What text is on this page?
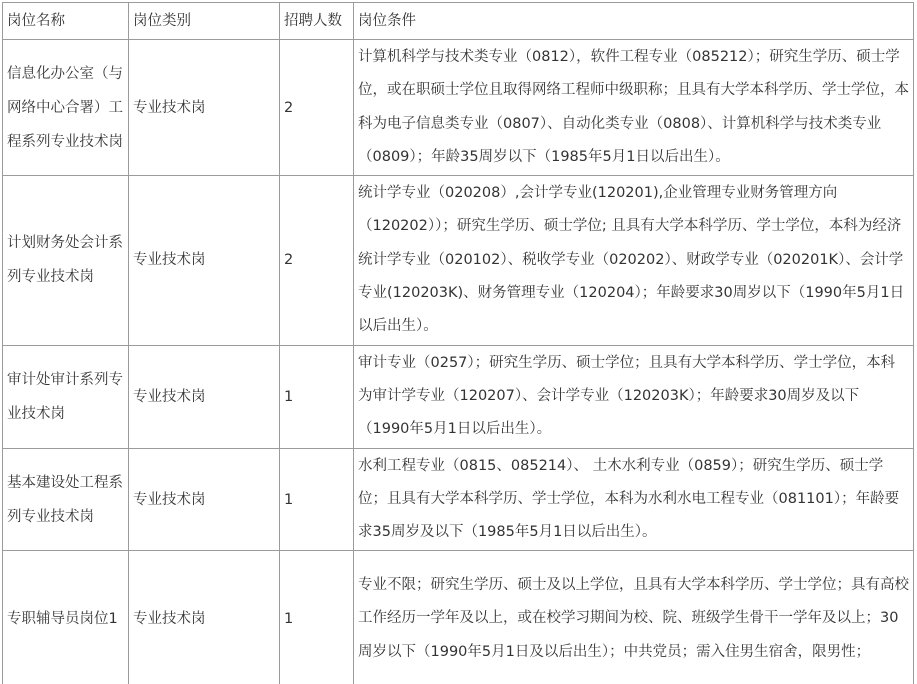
岗位名称	岗位类别	招聘人数	岗位条件
信息化办公室（与网络中心合署）工程系列专业技术岗	专业技术岗	2	计算机科学与技术类专业（0812），软件工程专业（085212）；研究生学历、硕士学位，或在职硕士学位且取得网络工程师中级职称；且具有大学本科学历、学士学位，本科为电子信息类专业（0807）、自动化类专业（0808）、计算机科学与技术类专业（0809）；年龄35周岁以下（1985年5月1日以后出生）。
计划财务处会计系列专业技术岗	专业技术岗	2	统计学专业（020208）,会计学专业(120201),企业管理专业财务管理方向（120202））；研究生学历、硕士学位; 且具有大学本科学历、学士学位，本科为经济统计学专业（020102）、税收学专业（020202）、财政学专业（020201K）、会计学专业(120203K)、财务管理专业（120204）；年龄要求30周岁以下（1990年5月1日以后出生）。
审计处审计系列专业技术岗	专业技术岗	1	审计专业（0257）；研究生学历、硕士学位；且具有大学本科学历、学士学位，本科为审计学专业（120207）、会计学专业（120203K）；年龄要求30周岁及以下（1990年5月1日以后出生）。
基本建设处工程系列专业技术岗	专业技术岗	1	水利工程专业（0815、085214）、 土木水利专业（0859）；研究生学历、硕士学位；且具有大学本科学历、学士学位，本科为水利水电工程专业（081101）；年龄要求35周岁及以下（1985年5月1日以后出生）。
专职辅导员岗位1	专业技术岗	1	专业不限；研究生学历、硕士及以上学位，且具有大学本科学历、学士学位；具有高校工作经历一学年及以上，或在校学习期间为校、院、班级学生骨干一学年及以上；30周岁以下（1990年5月1日及以后出生）；中共党员；需入住男生宿舍，限男性；
